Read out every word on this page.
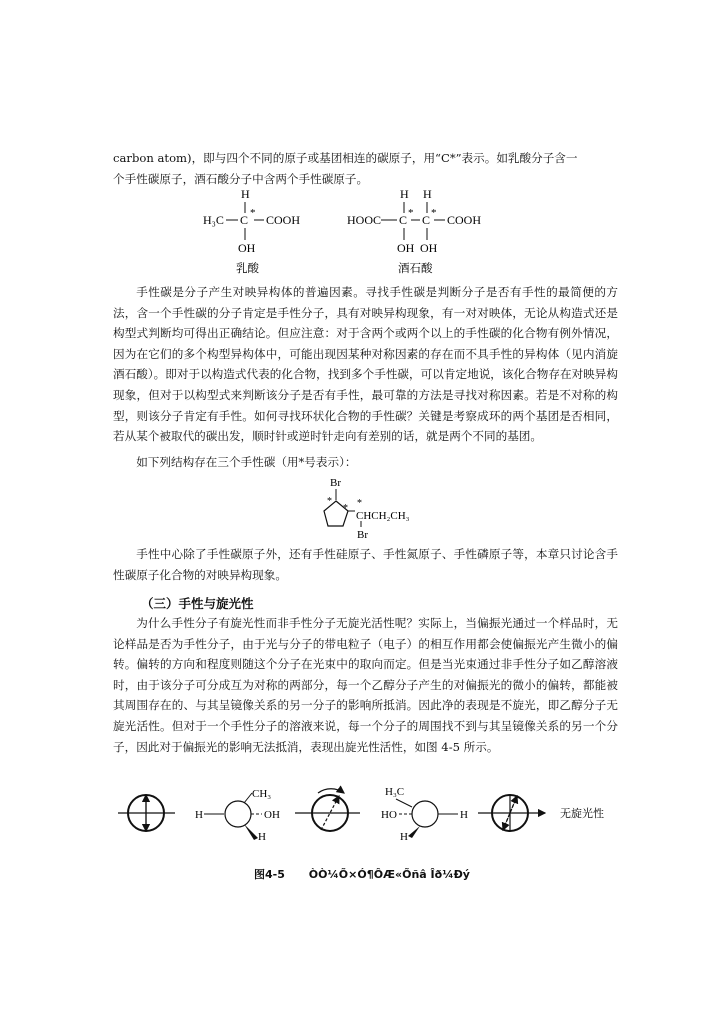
carbon atom)，即与四个不同的原子或基团相连的碳原子，用“C*”表示。如乳酸分子含一
个手性碳原子，酒石酸分子中含两个手性碳原子。

H
H₃C C * COOH
OH
乳酸
H H
HOOC C * C * COOH
OH OH
酒石酸

手性碳是分子产生对映异构体的普遍因素。寻找手性碳是判断分子是否有手性的最简便的方法，含一个手性碳的分子肯定是手性分子，具有对映异构现象，有一对对映体，无论从构造式还是构型式判断均可得出正确结论。但应注意：对于含两个或两个以上的手性碳的化合物有例外情况，因为在它们的多个构型异构体中，可能出现因某种对称因素的存在而不具手性的异构体（见内消旋酒石酸）。即对于以构造式代表的化合物，找到多个手性碳，可以肯定地说，该化合物存在对映异构现象，但对于以构型式来判断该分子是否有手性，最可靠的方法是寻找对称因素。若是不对称的构型，则该分子肯定有手性。如何寻找环状化合物的手性碳？关键是考察成环的两个基团是否相同，若从某个被取代的碳出发，顺时针或逆时针走向有差别的话，就是两个不同的基团。

如下列结构存在三个手性碳（用*号表示）：

Br
*
* *
CHCH₂CH₃
Br

手性中心除了手性碳原子外，还有手性硅原子、手性氮原子、手性磷原子等，本章只讨论含手性碳原子化合物的对映异构现象。

（三）手性与旋光性

为什么手性分子有旋光性而非手性分子无旋光活性呢？实际上，当偏振光通过一个样品时，无论样品是否为手性分子，由于光与分子的带电粒子（电子）的相互作用都会使偏振光产生微小的偏转。偏转的方向和程度则随这个分子在光束中的取向而定。但是当光束通过非手性分子如乙醇溶液时，由于该分子可分成互为对称的两部分，每一个乙醇分子产生的对偏振光的微小的偏转，都能被其周围存在的、与其呈镜像关系的另一分子的影响所抵消。因此净的表现是不旋光，即乙醇分子无旋光活性。但对于一个手性分子的溶液来说，每一个分子的周围找不到与其呈镜像关系的另一个分子，因此对于偏振光的影响无法抵消，表现出旋光性活性，如图 4-5 所示。

CH₃
H	OH
H
H₃C
HO	H
H
无旋光性
图4-5 ÒÒ¼Õ×Ó¶ÔÆ«Õñâ Îð¼Ðý
